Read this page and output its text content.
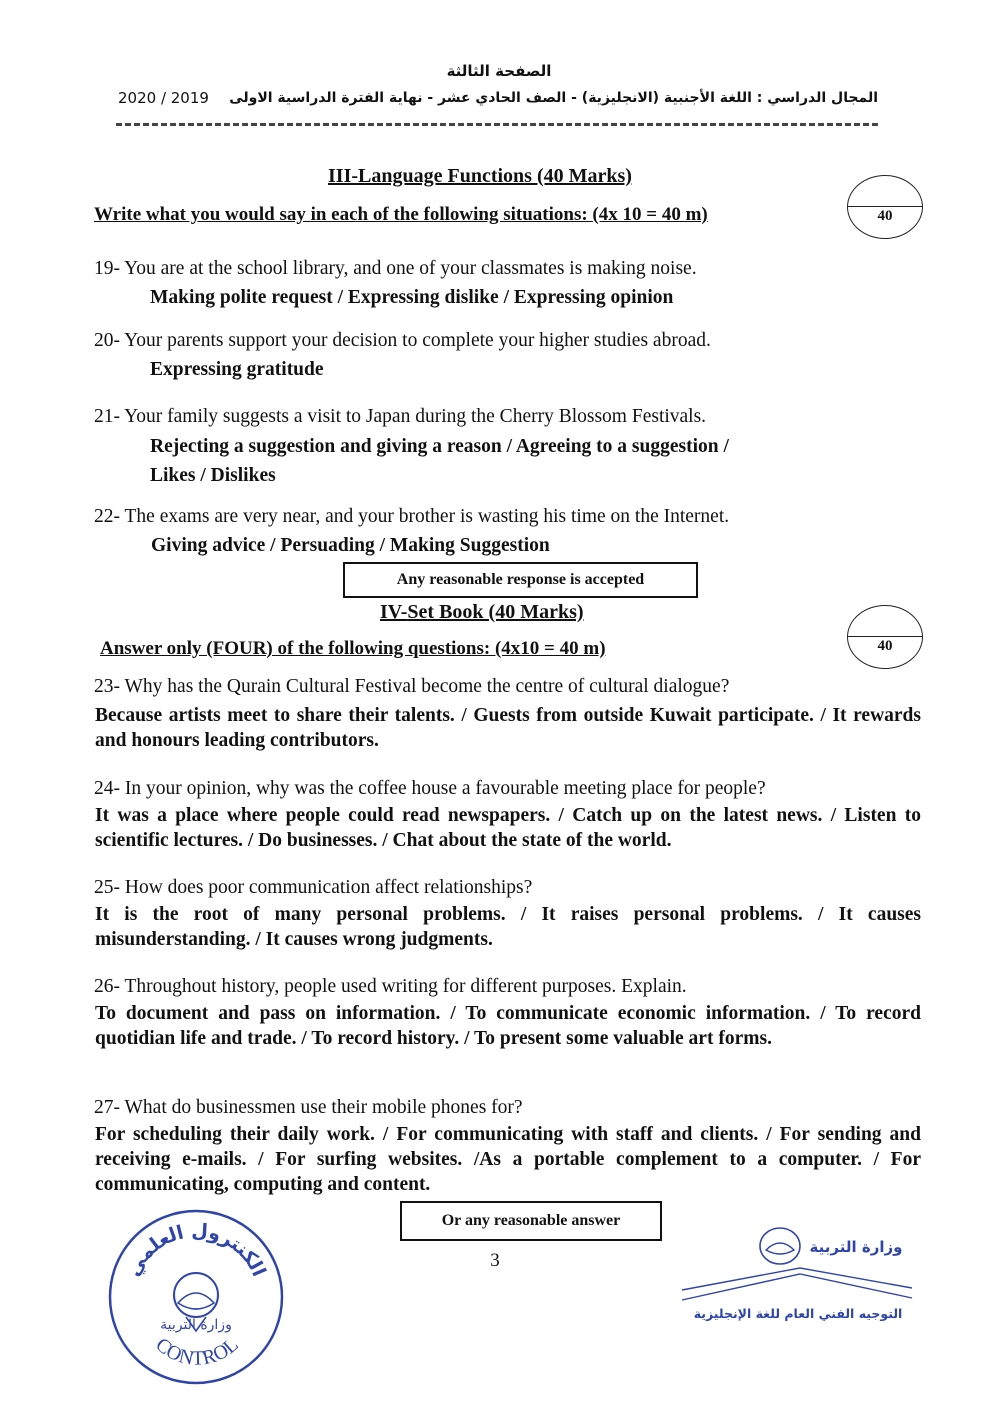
الصفحة الثالثة
2020 / 2019 المجال الدراسي : اللغة الأجنبية (الانجليزية) - الصف الحادي عشر - نهاية الفترة الدراسية الاولى
III-Language Functions (40 Marks)
Write what you would say in each of the following situations: (4x 10 = 40 m)	40
19- You are at the school library, and one of your classmates is making noise.
Making polite request / Expressing dislike / Expressing opinion
20- Your parents support your decision to complete your higher studies abroad.
Expressing gratitude
21- Your family suggests a visit to Japan during the Cherry Blossom Festivals.
Rejecting a suggestion and giving a reason / Agreeing to a suggestion /
Likes / Dislikes
22- The exams are very near, and your brother is wasting his time on the Internet.
Giving advice / Persuading / Making Suggestion
Any reasonable response is accepted
IV-Set Book (40 Marks)
Answer only (FOUR) of the following questions: (4x10 = 40 m)	40
23- Why has the Qurain Cultural Festival become the centre of cultural dialogue?
Because artists meet to share their talents. / Guests from outside Kuwait participate. / It rewards and honours leading contributors.
24- In your opinion, why was the coffee house a favourable meeting place for people?
It was a place where people could read newspapers. / Catch up on the latest news. / Listen to scientific lectures. / Do businesses. / Chat about the state of the world.
25- How does poor communication affect relationships?
It is the root of many personal problems. / It raises personal problems. / It causes misunderstanding. / It causes wrong judgments.
26- Throughout history, people used writing for different purposes. Explain.
To document and pass on information. / To communicate economic information. / To record quotidian life and trade. / To record history. / To present some valuable art forms.
27- What do businessmen use their mobile phones for?
For scheduling their daily work. / For communicating with staff and clients. / For sending and receiving e-mails. / For surfing websites. /As a portable complement to a computer. / For communicating, computing and content.
Or any reasonable answer
3
الكنترول العلمي
وزارة التربية
CONTROL
وزارة التربية
التوجيه الفني العام للغة الإنجليزية
